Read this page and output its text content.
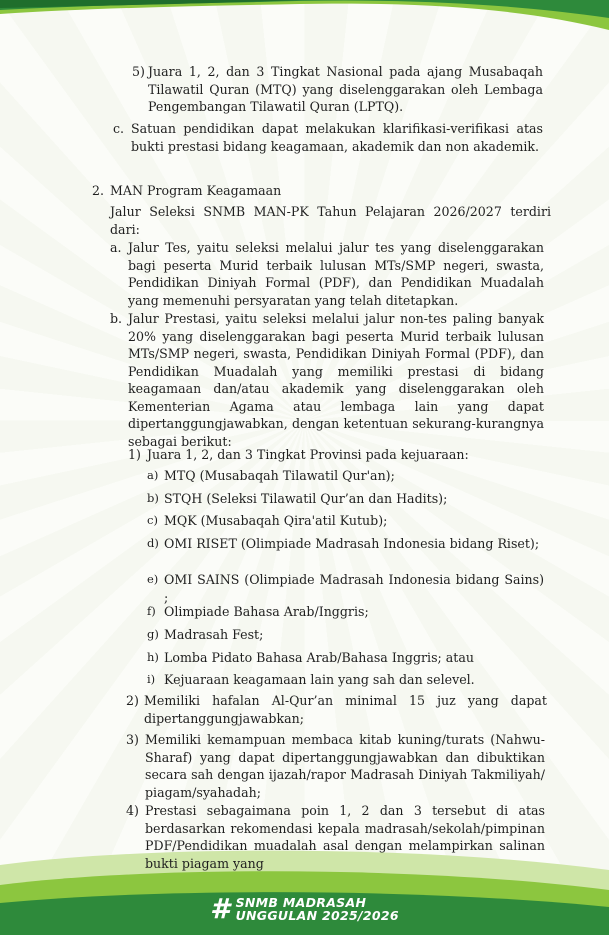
5) Juara 1, 2, dan 3 Tingkat Nasional pada ajang Musabaqah Tilawatil Quran (MTQ) yang diselenggarakan oleh Lembaga Pengembangan Tilawatil Quran (LPTQ).
c. Satuan pendidikan dapat melakukan klarifikasi-verifikasi atas bukti prestasi bidang keagamaan, akademik dan non akademik.
2. MAN Program Keagamaan
Jalur Seleksi SNMB MAN-PK Tahun Pelajaran 2026/2027 terdiri dari:
a. Jalur Tes, yaitu seleksi melalui jalur tes yang diselenggarakan bagi peserta Murid terbaik lulusan MTs/SMP negeri, swasta, Pendidikan Diniyah Formal (PDF), dan Pendidikan Muadalah yang memenuhi persyaratan yang telah ditetapkan.
b. Jalur Prestasi, yaitu seleksi melalui jalur non-tes paling banyak 20% yang diselenggarakan bagi peserta Murid terbaik lulusan MTs/SMP negeri, swasta, Pendidikan Diniyah Formal (PDF), dan Pendidikan Muadalah yang memiliki prestasi di bidang keagamaan dan/atau akademik yang diselenggarakan oleh Kementerian Agama atau lembaga lain yang dapat dipertanggungjawabkan, dengan ketentuan sekurang-kurangnya sebagai berikut:
1) Juara 1, 2, dan 3 Tingkat Provinsi pada kejuaraan:
a) MTQ (Musabaqah Tilawatil Qur'an);
b) STQH (Seleksi Tilawatil Qur’an dan Hadits);
c) MQK (Musabaqah Qira'atil Kutub);
d) OMI RISET (Olimpiade Madrasah Indonesia bidang Riset);
e) OMI SAINS (Olimpiade Madrasah Indonesia bidang Sains) ;
f) Olimpiade Bahasa Arab/Inggris;
g) Madrasah Fest;
h) Lomba Pidato Bahasa Arab/Bahasa Inggris; atau
i) Kejuaraan keagamaan lain yang sah dan selevel.
2) Memiliki hafalan Al-Qur’an minimal 15 juz yang dapat dipertanggungjawabkan;
3) Memiliki kemampuan membaca kitab kuning/turats (Nahwu- Sharaf) yang dapat dipertanggungjawabkan dan dibuktikan secara sah dengan ijazah/rapor Madrasah Diniyah Takmiliyah/ piagam/syahadah;
4) Prestasi sebagaimana poin 1, 2 dan 3 tersebut di atas berdasarkan rekomendasi kepala madrasah/sekolah/pimpinan PDF/Pendidikan muadalah asal dengan melampirkan salinan bukti piagam yang
# SNMB MADRASAH
UNGGULAN 2025/2026
